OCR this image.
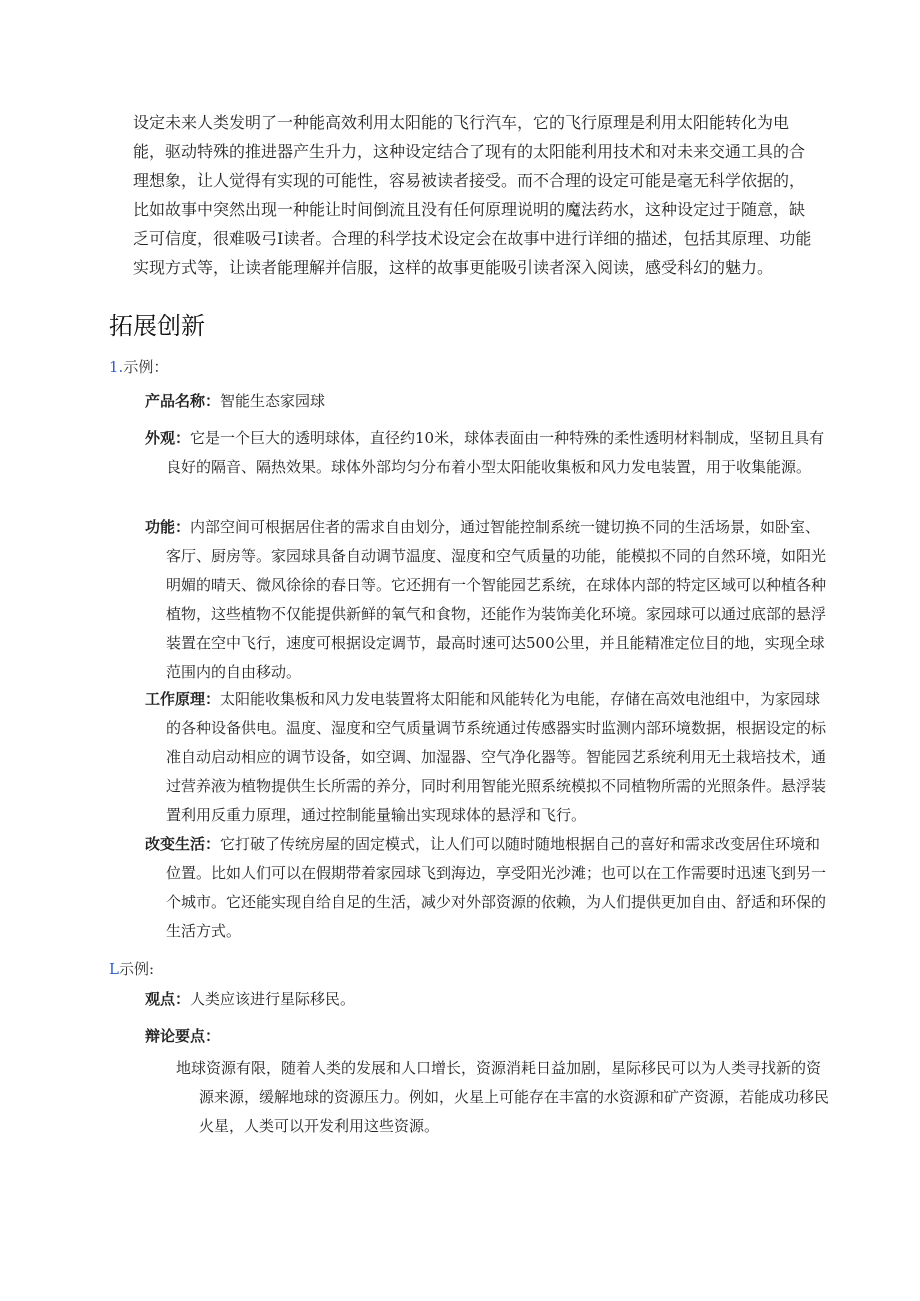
设定未来人类发明了一种能高效利用太阳能的飞行汽车，它的飞行原理是利用太阳能转化为电能，驱动特殊的推进器产生升力，这种设定结合了现有的太阳能利用技术和对未来交通工具的合理想象，让人觉得有实现的可能性，容易被读者接受。而不合理的设定可能是毫无科学依据的，比如故事中突然出现一种能让时间倒流且没有任何原理说明的魔法药水，这种设定过于随意，缺乏可信度，很难吸弓I读者。合理的科学技术设定会在故事中进行详细的描述，包括其原理、功能实现方式等，让读者能理解并信服，这样的故事更能吸引读者深入阅读，感受科幻的魅力。

拓展创新
1.示例：

产品名称：智能生态家园球

外观：它是一个巨大的透明球体，直径约10米，球体表面由一种特殊的柔性透明材料制成，坚韧且具有良好的隔音、隔热效果。球体外部均匀分布着小型太阳能收集板和风力发电装置，用于收集能源。

功能：内部空间可根据居住者的需求自由划分，通过智能控制系统一键切换不同的生活场景，如卧室、客厅、厨房等。家园球具备自动调节温度、湿度和空气质量的功能，能模拟不同的自然环境，如阳光明媚的晴天、微风徐徐的春日等。它还拥有一个智能园艺系统，在球体内部的特定区域可以种植各种植物，这些植物不仅能提供新鲜的氧气和食物，还能作为装饰美化环境。家园球可以通过底部的悬浮装置在空中飞行，速度可根据设定调节，最高时速可达500公里，并且能精准定位目的地，实现全球范围内的自由移动。

工作原理：太阳能收集板和风力发电装置将太阳能和风能转化为电能，存储在高效电池组中，为家园球的各种设备供电。温度、湿度和空气质量调节系统通过传感器实时监测内部环境数据，根据设定的标准自动启动相应的调节设备，如空调、加湿器、空气净化器等。智能园艺系统利用无土栽培技术，通过营养液为植物提供生长所需的养分，同时利用智能光照系统模拟不同植物所需的光照条件。悬浮装置利用反重力原理，通过控制能量输出实现球体的悬浮和飞行。

改变生活：它打破了传统房屋的固定模式，让人们可以随时随地根据自己的喜好和需求改变居住环境和位置。比如人们可以在假期带着家园球飞到海边，享受阳光沙滩；也可以在工作需要时迅速飞到另一个城市。它还能实现自给自足的生活，减少对外部资源的依赖，为人们提供更加自由、舒适和环保的生活方式。

L示例:

观点：人类应该进行星际移民。

辩论要点：

地球资源有限，随着人类的发展和人口增长，资源消耗日益加剧，星际移民可以为人类寻找新的资源来源，缓解地球的资源压力。例如，火星上可能存在丰富的水资源和矿产资源，若能成功移民火星，人类可以开发利用这些资源。
